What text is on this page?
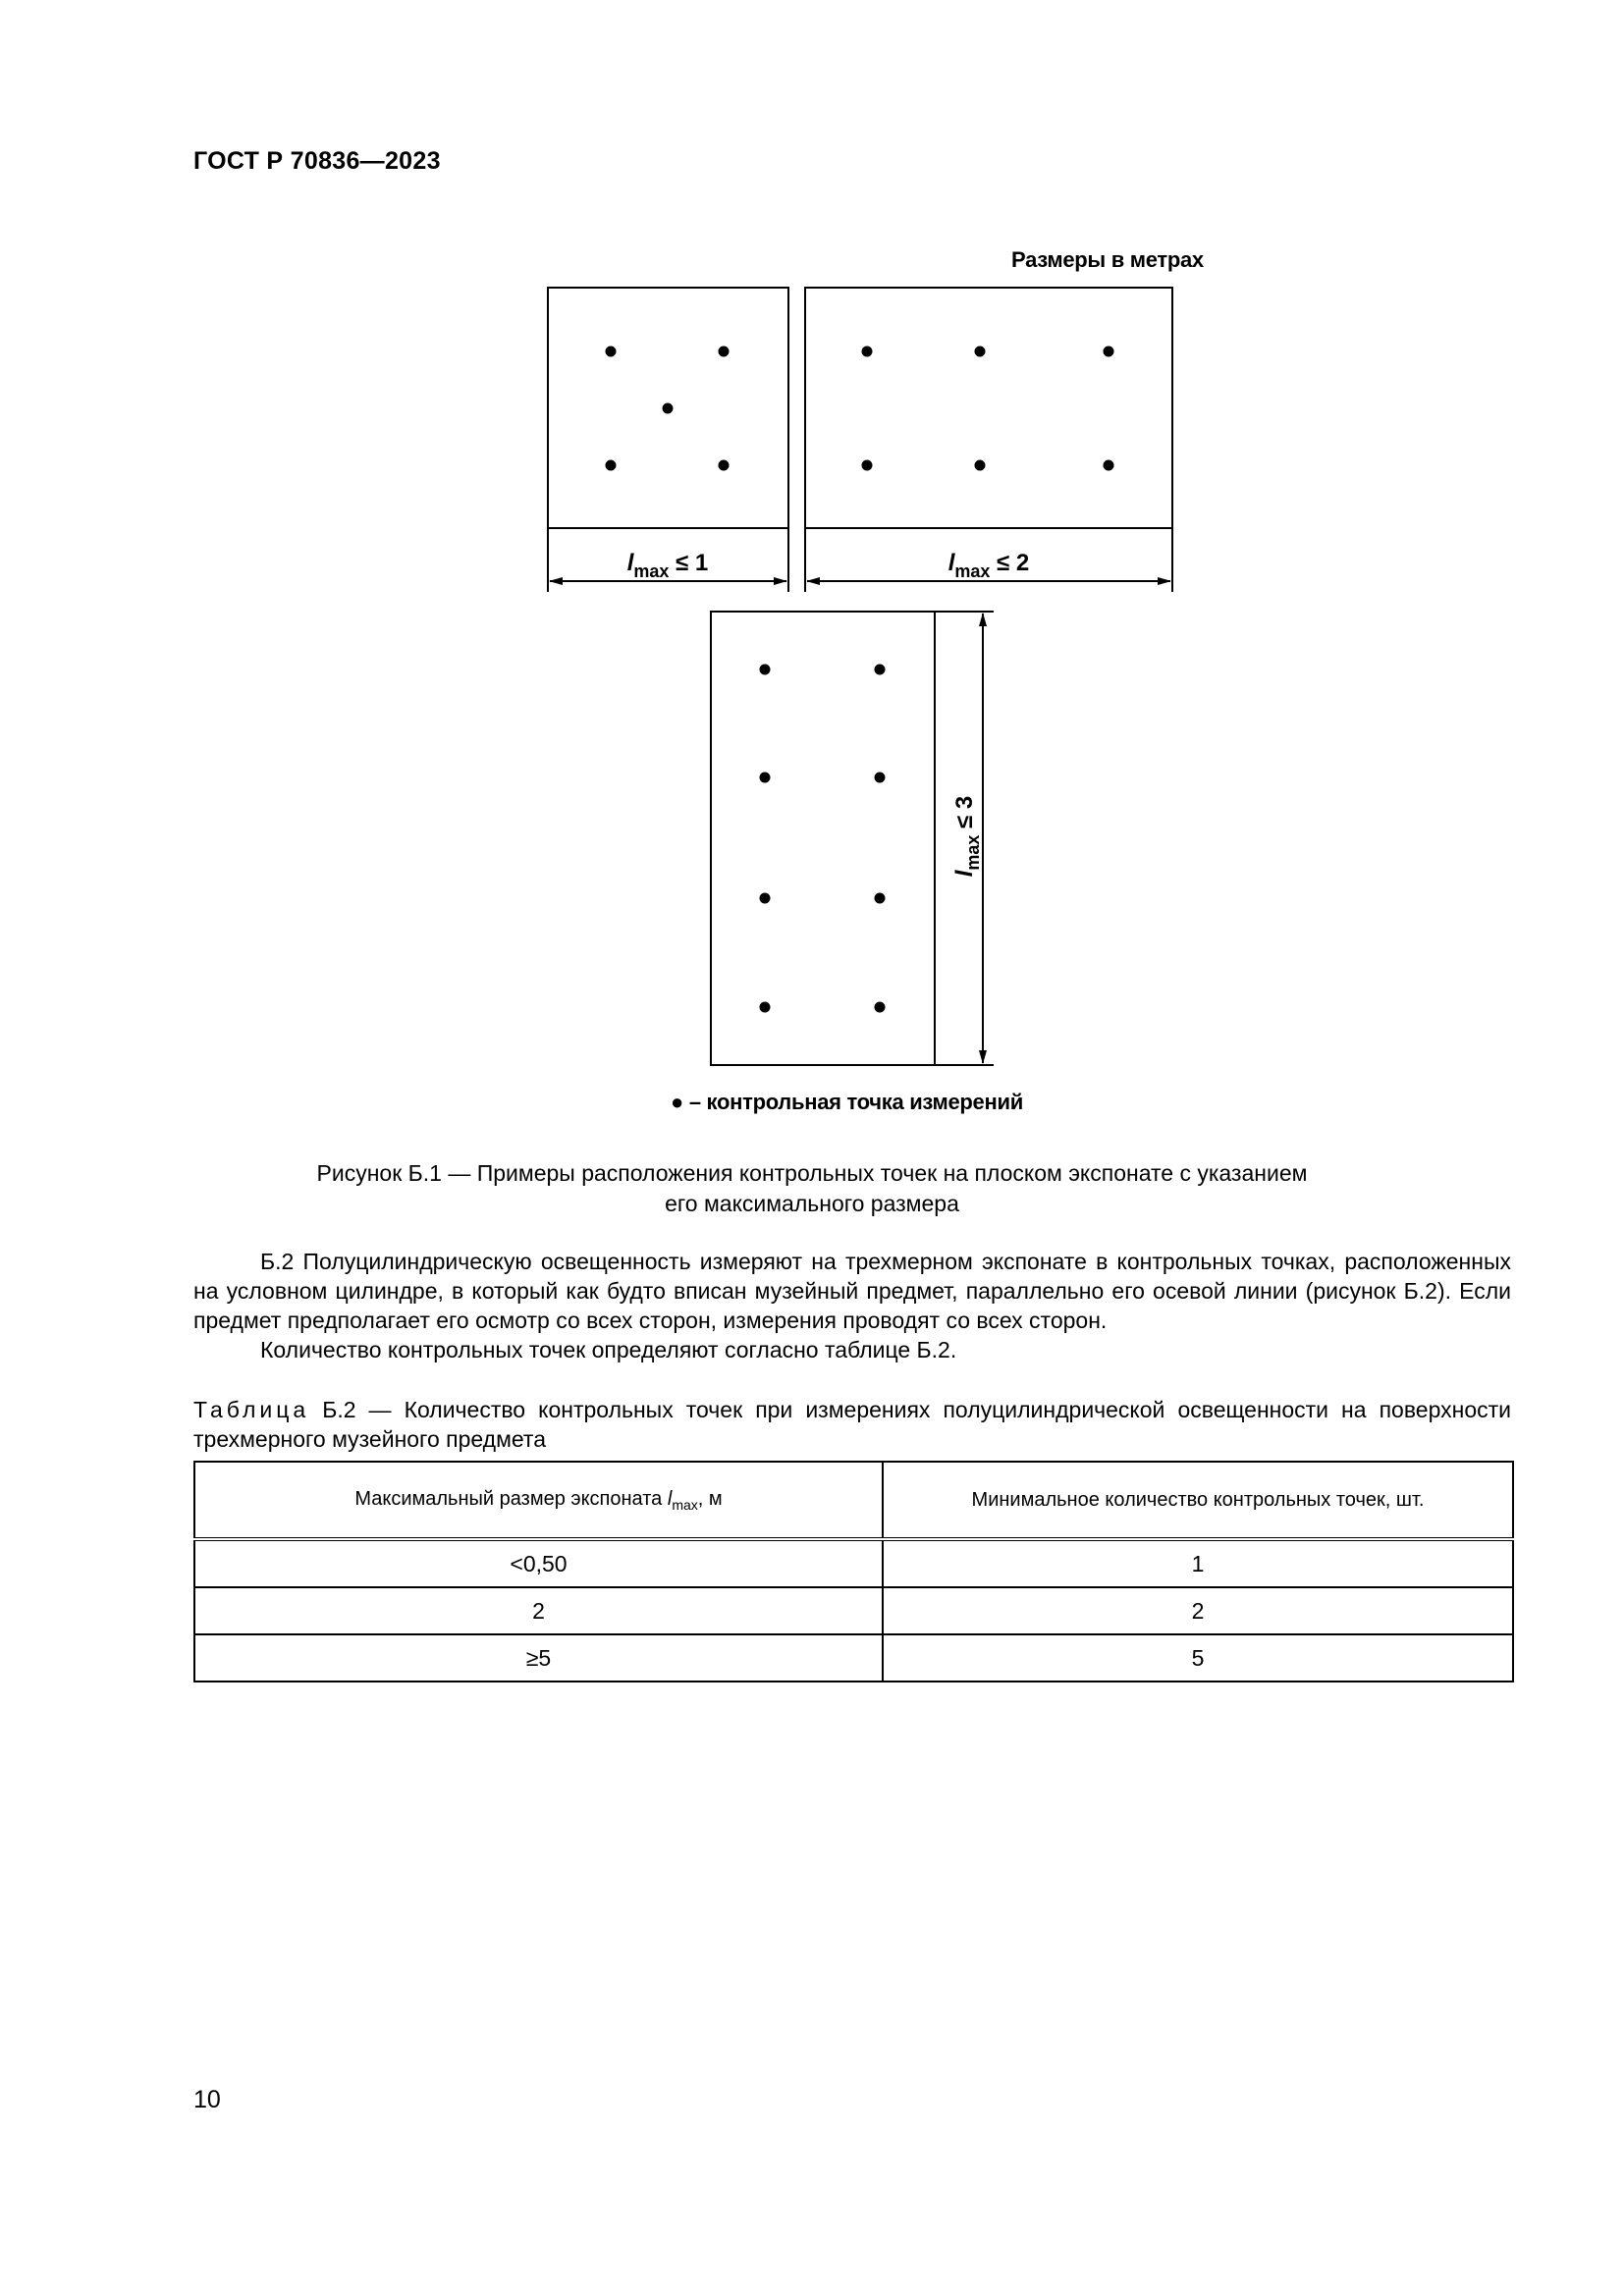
ГОСТ Р 70836—2023
Размеры в метрах
$l_{max} \le 1$	$l_{max} \le 2$
$l_{max} \le 3$
● – контрольная точка измерений
Рисунок Б.1 — Примеры расположения контрольных точек на плоском экспонате с указанием
его максимального размера

Б.2 Полуцилиндрическую освещенность измеряют на трехмерном экспонате в контрольных точках, расположенных на условном цилиндре, в который как будто вписан музейный предмет, параллельно его осевой линии (рисунок Б.2). Если предмет предполагает его осмотр со всех сторон, измерения проводят со всех сторон.

Количество контрольных точек определяют согласно таблице Б.2.

Таблица Б.2 — Количество контрольных точек при измерениях полуцилиндрической освещенности на поверхности трехмерного музейного предмета
Максимальный размер экспоната $l_{max}$, м	Минимальное количество контрольных точек, шт.
<0,50	1
2	2
≥5	5
10
